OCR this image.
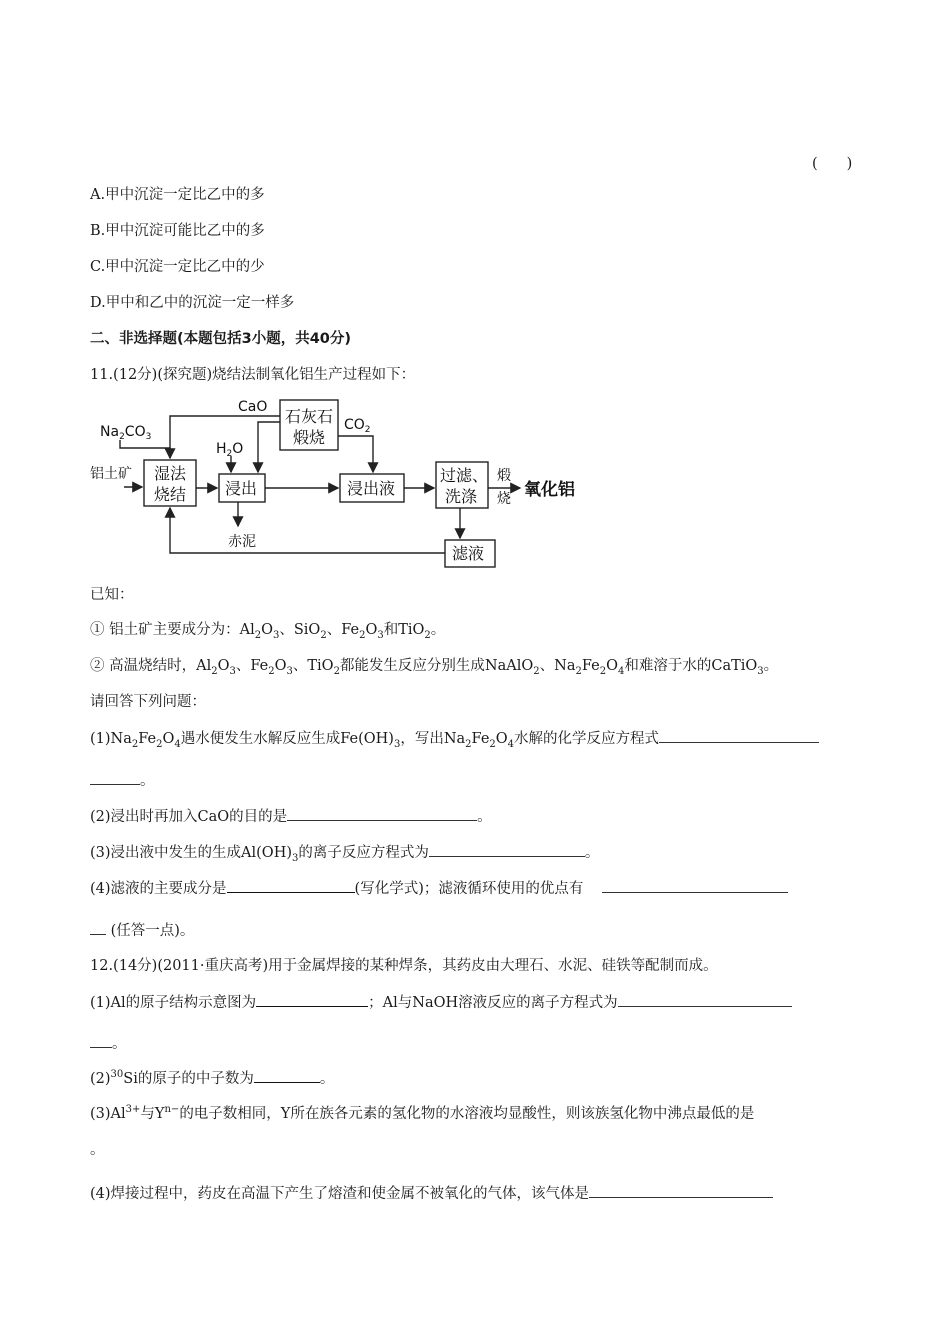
(　　)
A.甲中沉淀一定比乙中的多
B.甲中沉淀可能比乙中的多
C.甲中沉淀一定比乙中的少
D.甲中和乙中的沉淀一定一样多
二、非选择题(本题包括3小题，共40分)
11.(12分)(探究题)烧结法制氧化铝生产过程如下：
铝土矿
$Na_2CO_3$
CaO
$H_2O$
$CO_2$
石灰石
煅烧
湿法
烧结 浸出	浸出液
过滤、
洗涤
煅
烧 氧化铝
赤泥
滤液
已知：
① 铝土矿主要成分为：$Al_2O_3$、SiO$_2$、$Fe_2O_3$和TiO$_2$。
② 高温烧结时，$Al_2O_3$、$Fe_2O_3$、TiO$_2$都能发生反应分别生成NaAlO$_2$、$Na_2Fe_2O_4$和难溶于水的CaTiO$_3$。
请回答下列问题：
$(1)Na_2Fe_2O_4$遇水便发生水解反应生成$Fe(OH)_3$，写出$Na_2Fe_2O_4$水解的化学反应方程式
。
(2)浸出时再加入CaO的目的是	。
(3)浸出液中发生的生成$Al(OH)_3$的离子反应方程式为	。
(4)滤液的主要成分是	(写化学式)；滤液循环使用的优点有
(任答一点)。
12.(14分)(2011·重庆高考)用于金属焊接的某种焊条，其药皮由大理石、水泥、硅铁等配制而成。
(1)Al的原子结构示意图为	；Al与NaOH溶液反应的离子方程式为
。
$(2)^{30}Si$的原子的中子数为	。
$(3)Al^{3+}$与$Y^{n-}$的电子数相同，Y所在族各元素的氢化物的水溶液均显酸性，则该族氢化物中沸点最低的是
。
(4)焊接过程中，药皮在高温下产生了熔渣和使金属不被氧化的气体，该气体是
